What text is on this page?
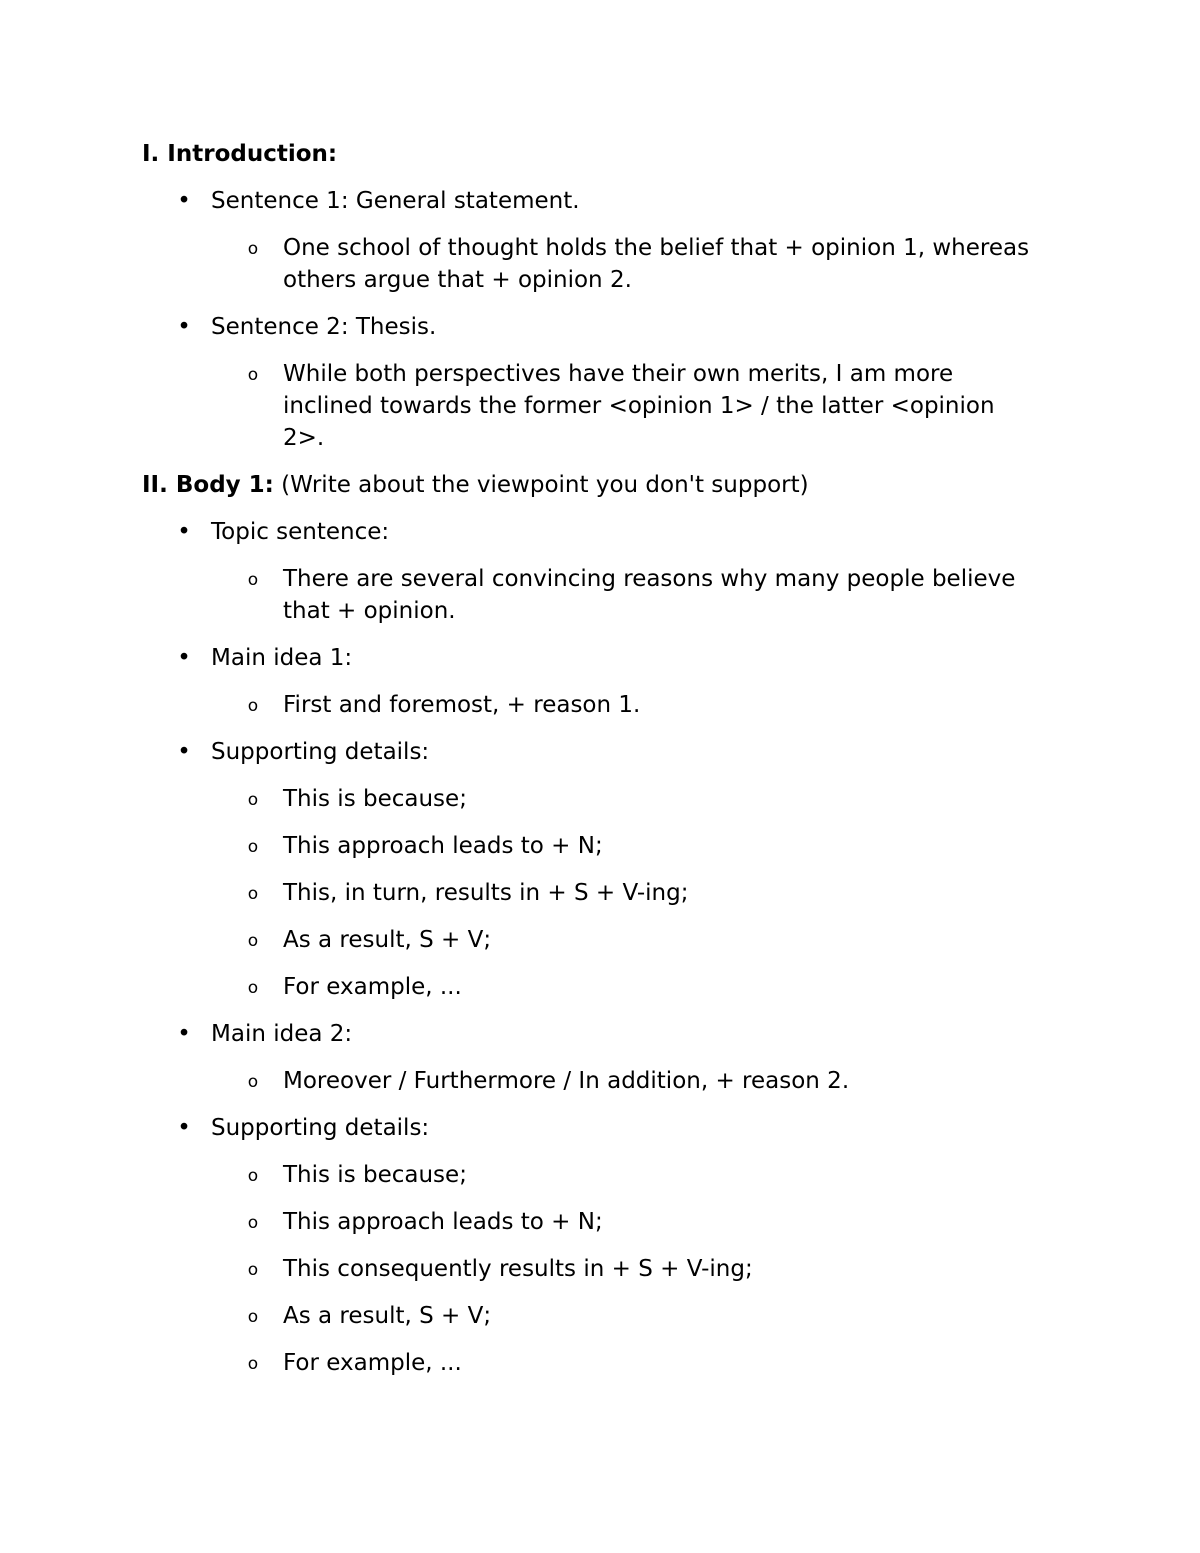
I. Introduction:
• Sentence 1: General statement.
o One school of thought holds the belief that + opinion 1, whereas others argue that + opinion 2.
• Sentence 2: Thesis.
o While both perspectives have their own merits, I am more inclined towards the former <opinion 1> / the latter <opinion 2>.
II. Body 1: (Write about the viewpoint you don't support)
• Topic sentence:
o There are several convincing reasons why many people believe that + opinion.
• Main idea 1:
o First and foremost, + reason 1.
• Supporting details:
o This is because;
o This approach leads to + N;
o This, in turn, results in + S + V-ing;
o As a result, S + V;
o For example, ...
• Main idea 2:
o Moreover / Furthermore / In addition, + reason 2.
• Supporting details:
o This is because;
o This approach leads to + N;
o This consequently results in + S + V-ing;
o As a result, S + V;
o For example, ...
